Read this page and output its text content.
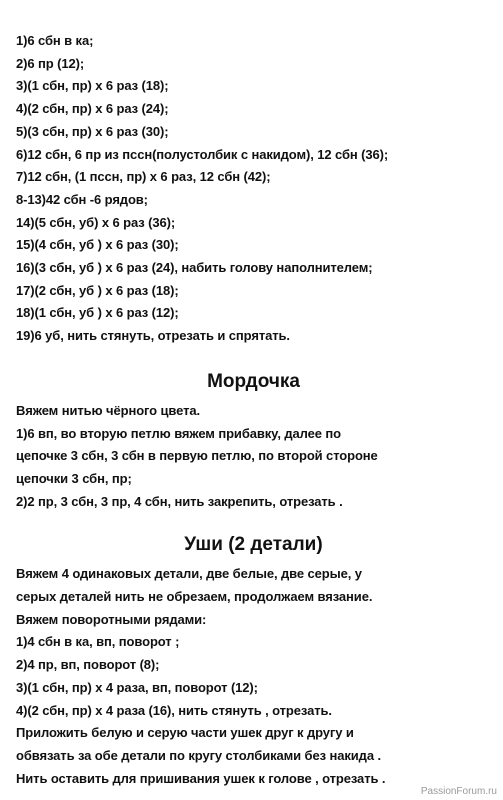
1)6 сбн в ка;
2)6 пр (12);
3)(1 сбн, пр) х 6 раз (18);
4)(2 сбн, пр) х 6 раз (24);
5)(3 сбн, пр) х 6 раз (30);
6)12 сбн, 6 пр из пссн(полустолбик с накидом), 12 сбн (36);
7)12 сбн, (1 пссн, пр) х 6 раз, 12 сбн (42);
8-13)42 сбн -6 рядов;
14)(5 сбн, уб) х 6 раз (36);
15)(4 сбн, уб ) х 6 раз (30);
16)(3 сбн, уб ) х 6 раз (24), набить голову наполнителем;
17)(2 сбн, уб ) х 6 раз (18);
18)(1 сбн, уб ) х 6 раз (12);
19)6 уб, нить стянуть, отрезать и спрятать.
Мордочка
Вяжем нитью чёрного цвета.
1)6 вп, во вторую петлю вяжем прибавку, далее по
цепочке 3 сбн, 3 сбн в первую петлю, по второй стороне
цепочки 3 сбн, пр;
2)2 пр, 3 сбн, 3 пр, 4 сбн, нить закрепить, отрезать .
Уши (2 детали)
Вяжем 4 одинаковых детали, две белые, две серые, у
серых деталей нить не обрезаем, продолжаем вязание.
Вяжем поворотными рядами:
1)4 сбн в ка, вп, поворот ;
2)4 пр, вп, поворот (8);
3)(1 сбн, пр) х 4 раза, вп, поворот (12);
4)(2 сбн, пр) х 4 раза (16), нить стянуть , отрезать.
Приложить белую и серую части ушек друг к другу и
обвязать за обе детали по кругу столбиками без накида .
Нить оставить для пришивания ушек к голове , отрезать .
PassionForum.ru
